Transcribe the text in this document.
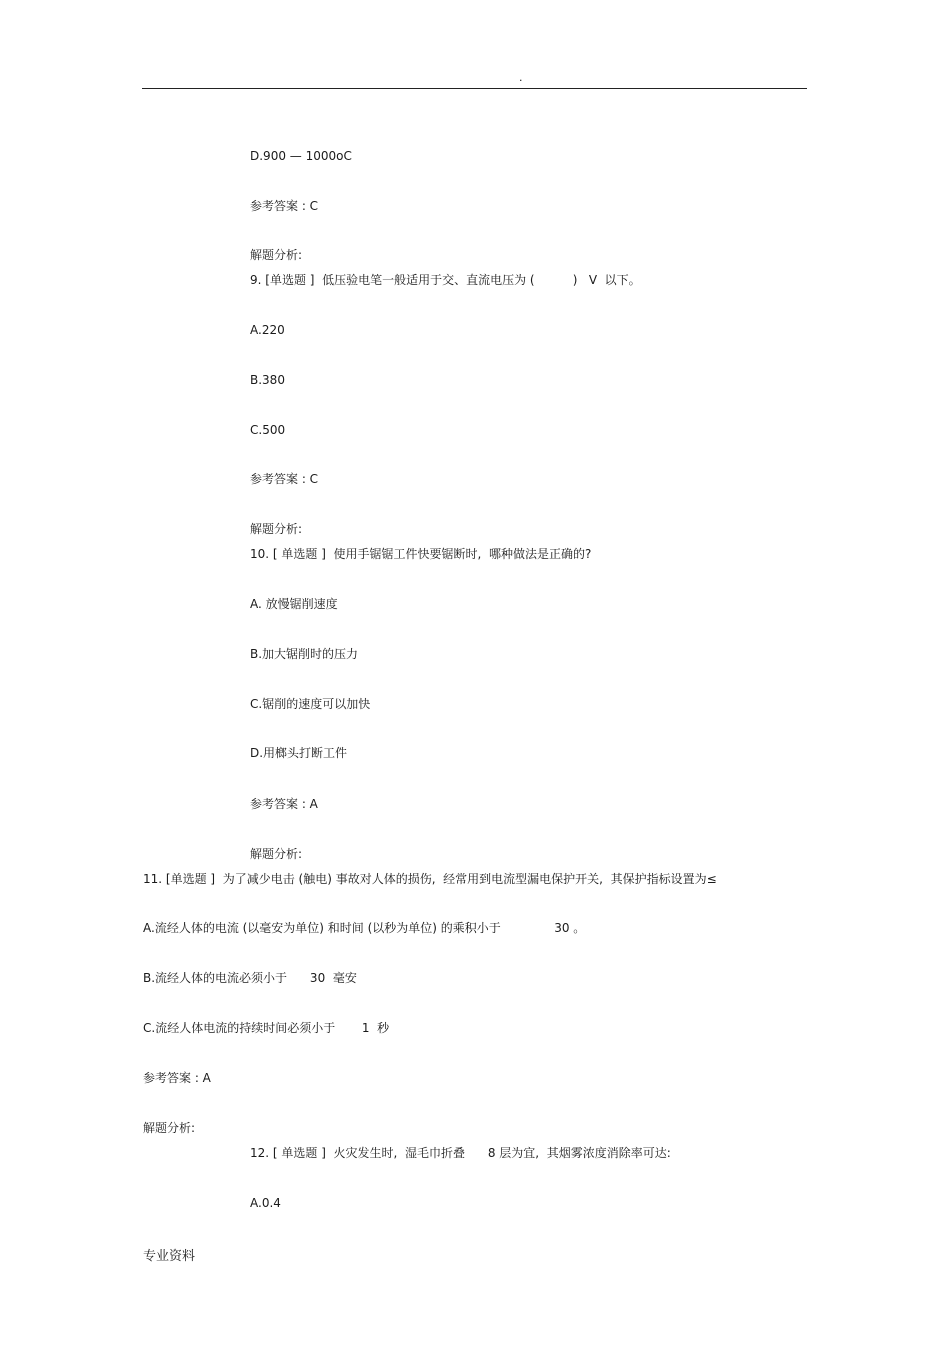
.
D.900 — 1000oC
参考答案 : C
解题分析:
9. [单选题 ]  低压验电笔一般适用于交、直流电压为 (          )   V  以下。
A.220
B.380
C.500
参考答案 : C
解题分析:
10. [ 单选题 ]  使用手锯锯工件快要锯断时,  哪种做法是正确的?
A. 放慢锯削速度
B.加大锯削时的压力
C.锯削的速度可以加快
D.用榔头打断工件
参考答案 : A
解题分析:
11. [单选题 ]  为了减少电击 (触电) 事故对人体的损伤,  经常用到电流型漏电保护开关,  其保护指标设置为≤
A.流经人体的电流 (以毫安为单位) 和时间 (以秒为单位) 的乘积小于              30 。
B.流经人体的电流必须小于      30  毫安
C.流经人体电流的持续时间必须小于       1  秒
参考答案 : A
解题分析:
12. [ 单选题 ]  火灾发生时,  湿毛巾折叠      8 层为宜,  其烟雾浓度消除率可达:
A.0.4
专业资料
